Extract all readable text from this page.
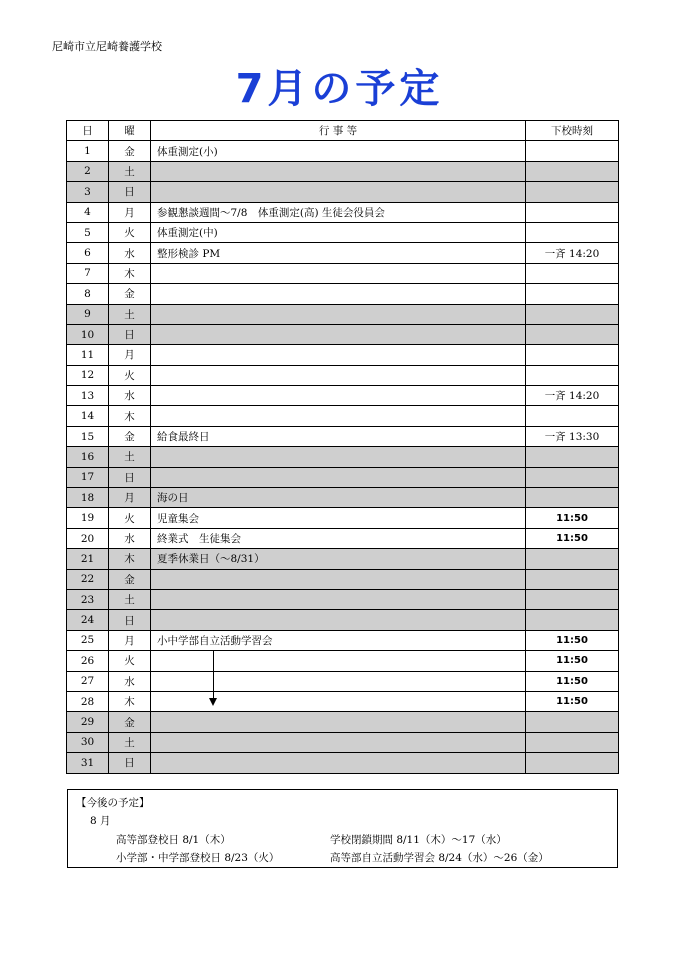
尼崎市立尼崎養護学校
7月の予定
日	曜	行 事 等	下校時刻
1	金	体重測定(小)	
2	土		
3	日		
4	月	参観懇談週間～7/8　体重測定(高) 生徒会役員会	
5	火	体重測定(中)	
6	水	整形検診 PM	一斉 14:20
7	木		
8	金		
9	土		
10	日		
11	月		
12	火		
13	水		一斉 14:20
14	木		
15	金	給食最終日	一斉 13:30
16	土		
17	日		
18	月	海の日	
19	火	児童集会	11:50
20	水	終業式　生徒集会	11:50
21	木	夏季休業日（～8/31）	
22	金		
23	土		
24	日		
25	月	小中学部自立活動学習会	11:50
26	火		11:50
27	水		11:50
28	木		11:50
29	金		
30	土		
31	日		
【今後の予定】
8 月
高等部登校日 8/1（木）	学校閉鎖期間 8/11（木）～17（水）
小学部・中学部登校日 8/23（火）	高等部自立活動学習会 8/24（水）～26（金）
